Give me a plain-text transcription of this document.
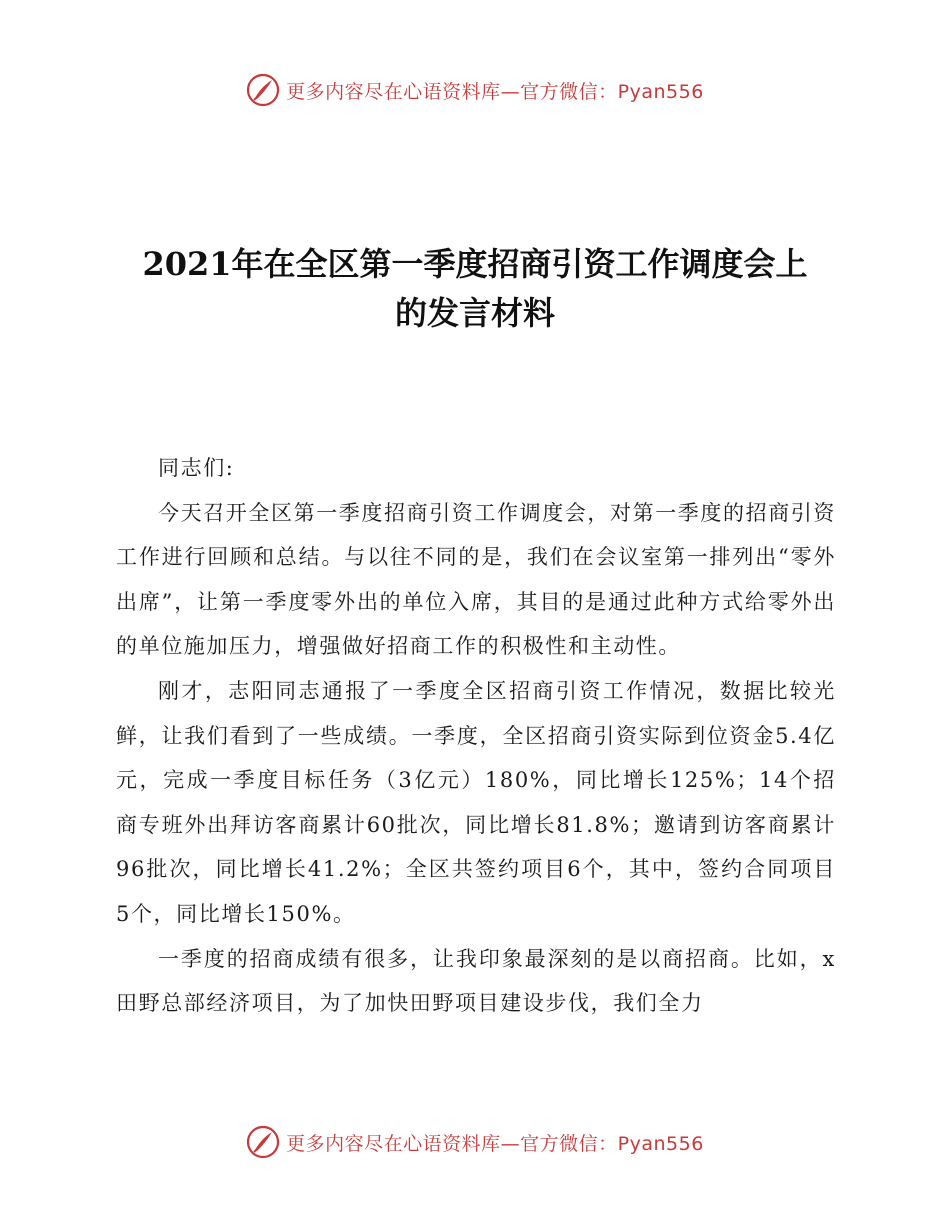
更多内容尽在心语资料库—官方微信：Pyan556
2021年在全区第一季度招商引资工作调度会上
的发言材料

同志们:

今天召开全区第一季度招商引资工作调度会，对第一季度的招商引资工作进行回顾和总结。与以往不同的是，我们在会议室第一排列出“零外出席”，让第一季度零外出的单位入席，其目的是通过此种方式给零外出的单位施加压力，增强做好招商工作的积极性和主动性。

刚才，志阳同志通报了一季度全区招商引资工作情况，数据比较光鲜，让我们看到了一些成绩。一季度，全区招商引资实际到位资金5.4亿元，完成一季度目标任务（3亿元）180%，同比增长125%；14个招商专班外出拜访客商累计60批次，同比增长81.8%；邀请到访客商累计96批次，同比增长41.2%；全区共签约项目6个，其中，签约合同项目5个，同比增长150%。

一季度的招商成绩有很多，让我印象最深刻的是以商招商。比如，x田野总部经济项目，为了加快田野项目建设步伐，我们全力

更多内容尽在心语资料库—官方微信：Pyan556
